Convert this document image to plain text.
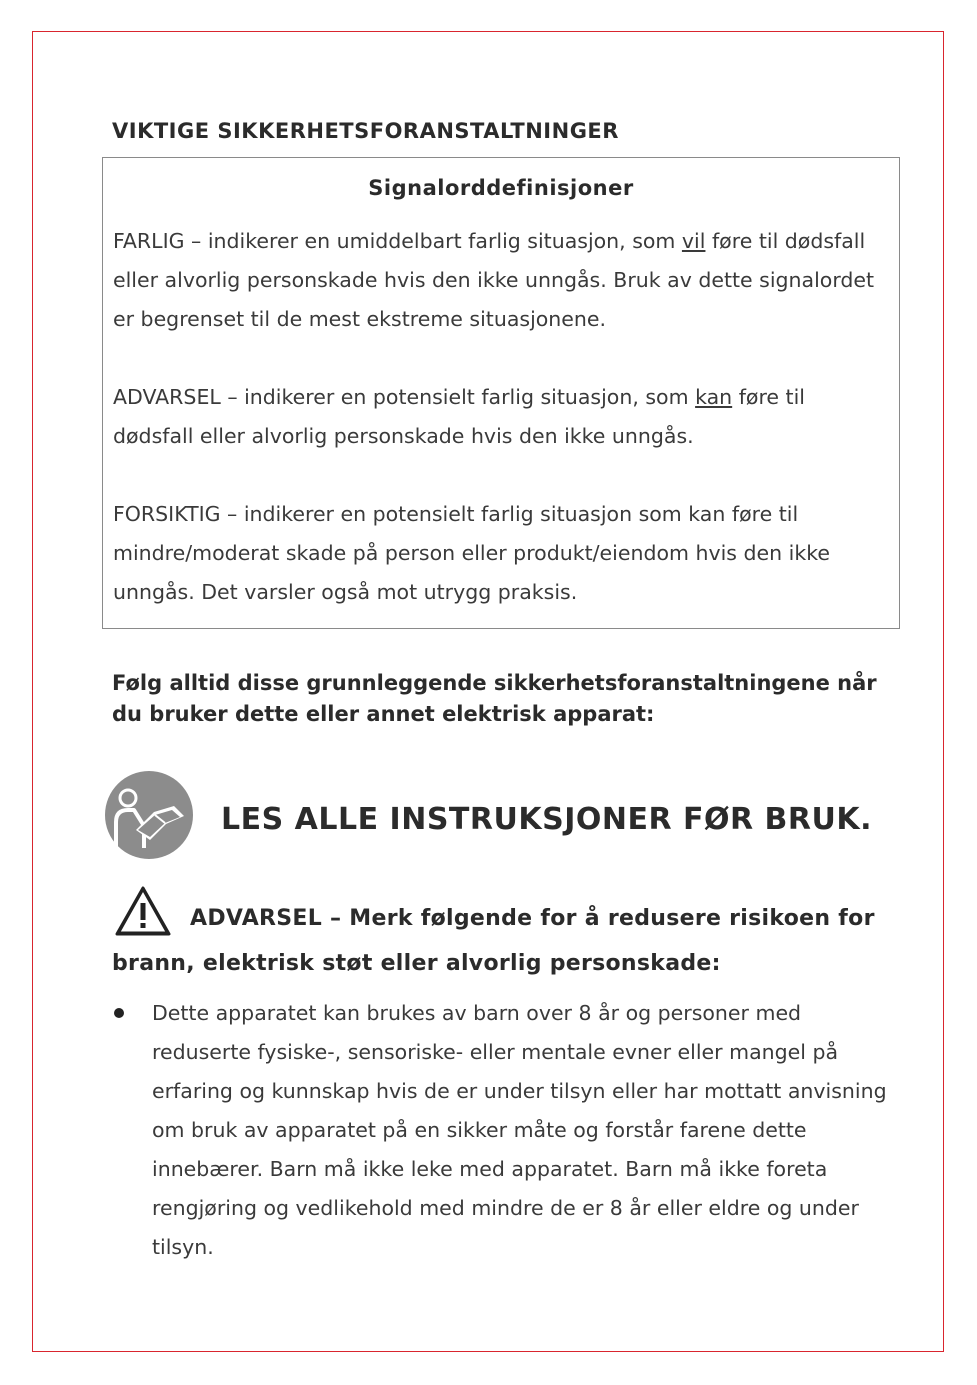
VIKTIGE SIKKERHETSFORANSTALTNINGER
Signalorddefinisjoner

FARLIG – indikerer en umiddelbart farlig situasjon, som vil føre til dødsfall eller alvorlig personskade hvis den ikke unngås. Bruk av dette signalordet er begrenset til de mest ekstreme situasjonene.

ADVARSEL – indikerer en potensielt farlig situasjon, som kan føre til dødsfall eller alvorlig personskade hvis den ikke unngås.

FORSIKTIG – indikerer en potensielt farlig situasjon som kan føre til mindre/moderat skade på person eller produkt/eiendom hvis den ikke unngås. Det varsler også mot utrygg praksis.

Følg alltid disse grunnleggende sikkerhetsforanstaltningene når du bruker dette eller annet elektrisk apparat:

LES ALLE INSTRUKSJONER FØR BRUK.
ADVARSEL – Merk følgende for å redusere risikoen for
brann, elektrisk støt eller alvorlig personskade:

Dette apparatet kan brukes av barn over 8 år og personer med reduserte fysiske-, sensoriske- eller mentale evner eller mangel på erfaring og kunnskap hvis de er under tilsyn eller har mottatt anvisning om bruk av apparatet på en sikker måte og forstår farene dette innebærer. Barn må ikke leke med apparatet. Barn må ikke foreta rengjøring og vedlikehold med mindre de er 8 år eller eldre og under tilsyn.
